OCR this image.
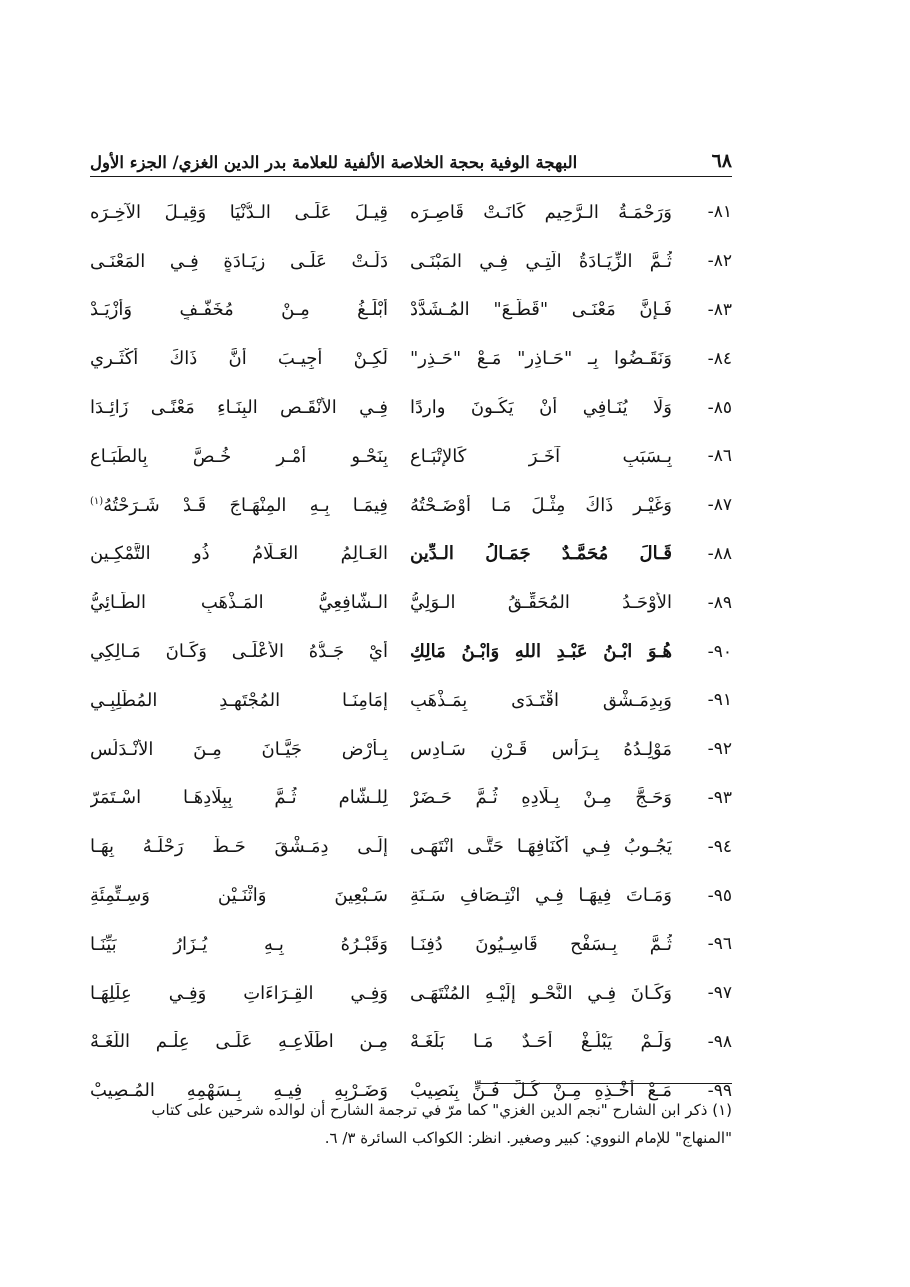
٦٨
البهجة الوفية بحجة الخلاصة الألفية للعلامة بدر الدين الغزي/ الجزء الأول
٨١-
وَرَحْمَـةُ الـرَّحِيمِ كَانَـتْ قَاصِـرَه
قِيـلَ عَلَـى الـدُّنْيَا وَقِيـلَ الآخِـرَه
٨٢-
ثُـمَّ الزِّيَـادَةُ الَّتِـي فِـي المَبْنَـى
دَلَّـتْ عَلَـى زِيَـادَةٍ فِـي المَعْنَـى
٨٣-
فَـإِنَّ مَعْنَـى "قَطَّـعَ" المُـشَدَّدْ
أَبْلَـغُ مِـنْ مُخَفَّـفٍ وَأَزْيَـدْ
٨٤-
وَنَقَـضُوا بِـ "حَـاذِرٍ" مَـعْ "حَـذِرِ"
لَكِـنْ أُجِيـبَ أَنَّ ذَاكَ أَكْثَـرِي
٨٥-
وَلَا يُنَـافِي أَنْ يَكُـونَ وارِدًا
فِـي الأَنْقَـصِ البِنَـاءِ مَعْنًـى زَائِـدَا
٨٦-
بِـسَبَبٍ آخَـرَ كَالإِتْبَـاعِ
بِنَحْـوِ أَمْـرٍ خُـصَّ بِالطِّبَـاعِ
٨٧-
وَغَيْـرِ ذَاكَ مِثْـلَ مَـا أَوْضَـحْتُهُ
فِيمَـا بِـهِ المِنْهَـاجَ قَـدْ شَـرَحْتُهُ$^{(١)}$
٨٨-
قَـالَ مُحَمَّـدٌ جَمَـالُ الـدِّينِ
العَـالِمُ العَـلَّامُ ذُو التَّمْكِـينِ
٨٩-
الأَوْحَـدُ المُحَقِّـقُ الـوَلِيُّ
الـشَّافِعِيُّ المَـذْهَبِ الطَّـائِيُّ
٩٠-
هُـوَ ابْـنُ عَبْـدِ اللهِ وَابْـنُ مَالِكِ
أَيْ جَـدُّهُ الأَعْلَـى وَكَـانَ مَـالِكِي
٩١-
وَبِدِمَـشْقٍ اقْتَـدَى بِمَـذْهَبِ
إِمَامِنَـا المُجْتَهِـدِ المُطَّلِبِـي
٩٢-
مَوْلِـدُهُ بِـرَأْسِ قَـرْنٍ سَـادِسِ
بِـأَرْضِ جَيَّـانَ مِـنَ الأَنْـدَلُسِ
٩٣-
وَحَـجَّ مِـنْ بِـلَادِهِ ثُـمَّ حَـضَرْ
لِلـشَّامِ ثُـمَّ بِبِلَادِهَـا اسْـتَمَرّ
٩٤-
يَجُـوبُ فِـي أَكْنَافِهَـا حَتَّـى انْتَهَـى
إِلَـى دِمَـشْقَ حَـطَّ رَحْلَـهُ بِهَـا
٩٥-
وَمَـاتَ فِيهَـا فِـي انْتِـصَافِ سَـنَةِ
سَـبْعِينَ وَاثْنَـيْنِ وَسِـتِّمِئَةِ
٩٦-
ثُـمَّ بِـسَفْحِ قَاسِـيُونَ دُفِنَـا
وَقَبْـرُهُ بِـهِ يُـزَارُ بَيِّنَـا
٩٧-
وَكَـانَ فِـي النَّحْـوِ إِلَيْـهِ المُنْتَهَـى
وَفِـي القِـرَاءَاتِ وَفِـي عِلَلِهَـا
٩٨-
وَلَـمْ يَبْلُـغْ أَحَـدٌ مَـا بَلَغَـهْ
مِـنِ اطِّلَاعِـهِ عَلَـى عِلْـمِ اللُّغَـهْ
٩٩-
مَـعْ أَخْـذِهِ مِـنْ كُـلِّ فَـنٍّ بِنَصِيبْ
وَضَـرْبِهِ فِيـهِ بِـسَهْمِهِ المُـصِيبْ
(١) ذكر ابن الشارح "نجم الدين الغزي" كما مرّ في ترجمة الشارح أن لوالده شرحين على كتاب
"المنهاج" للإمام النووي: كبير وصغير. انظر: الكواكب السائرة ٣/ ٦.
